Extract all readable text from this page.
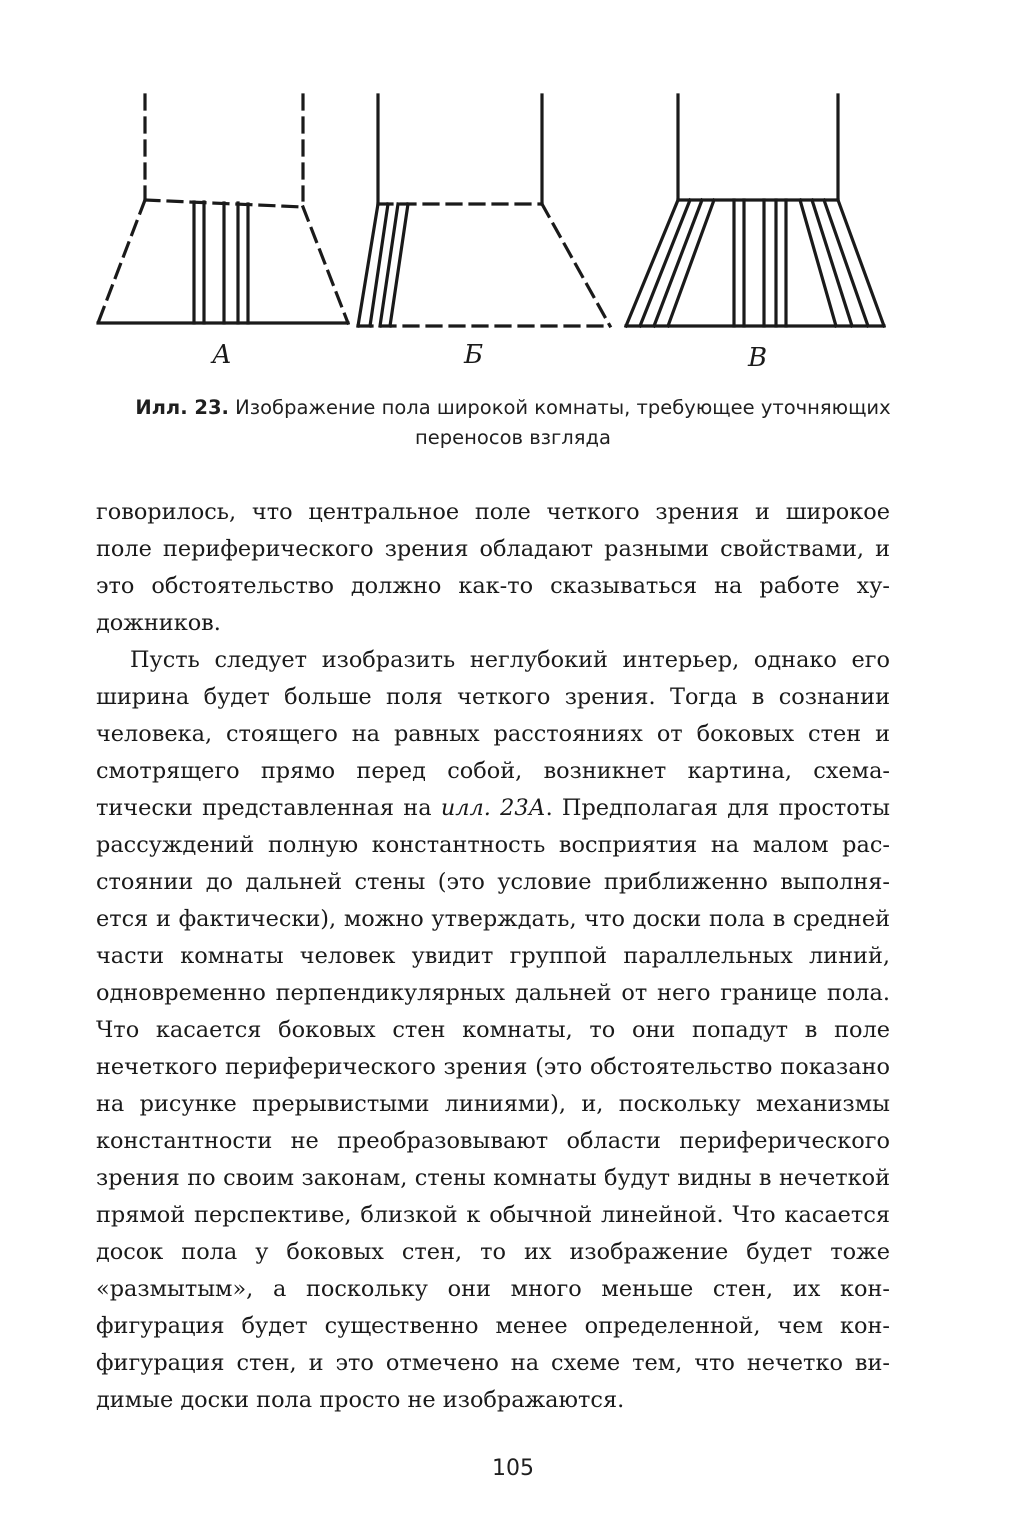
А	Б	В
Илл. 23. Изображение пола широкой комнаты, требующее уточняющих переносов взгляда

говорилось, что центральное поле четкого зрения и широкое поле периферического зрения обладают разными свойствами, и это обстоятельство должно как-то сказываться на работе художников.

Пусть следует изобразить неглубокий интерьер, однако его ширина будет больше поля четкого зрения. Тогда в сознании человека, стоящего на равных расстояниях от боковых стен и смотрящего прямо перед собой, возникнет картина, схематически представленная на илл. 23А. Предполагая для простоты рассуждений полную константность восприятия на малом расстоянии до дальней стены (это условие приближенно выполняется и фактически), можно утверждать, что доски пола в средней части комнаты человек увидит группой параллельных линий, одновременно перпендикулярных дальней от него границе пола. Что касается боковых стен комнаты, то они попадут в поле нечеткого периферического зрения (это обстоятельство показано на рисунке прерывистыми линиями), и, поскольку механизмы константности не преобразовывают области периферического зрения по своим законам, стены комнаты будут видны в нечеткой прямой перспективе, близкой к обычной линейной. Что касается досок пола у боковых стен, то их изображение будет тоже «размытым», а поскольку они много меньше стен, их конфигурация будет существенно менее определенной, чем конфигурация стен, и это отмечено на схеме тем, что нечетко видимые доски пола просто не изображаются.

105
